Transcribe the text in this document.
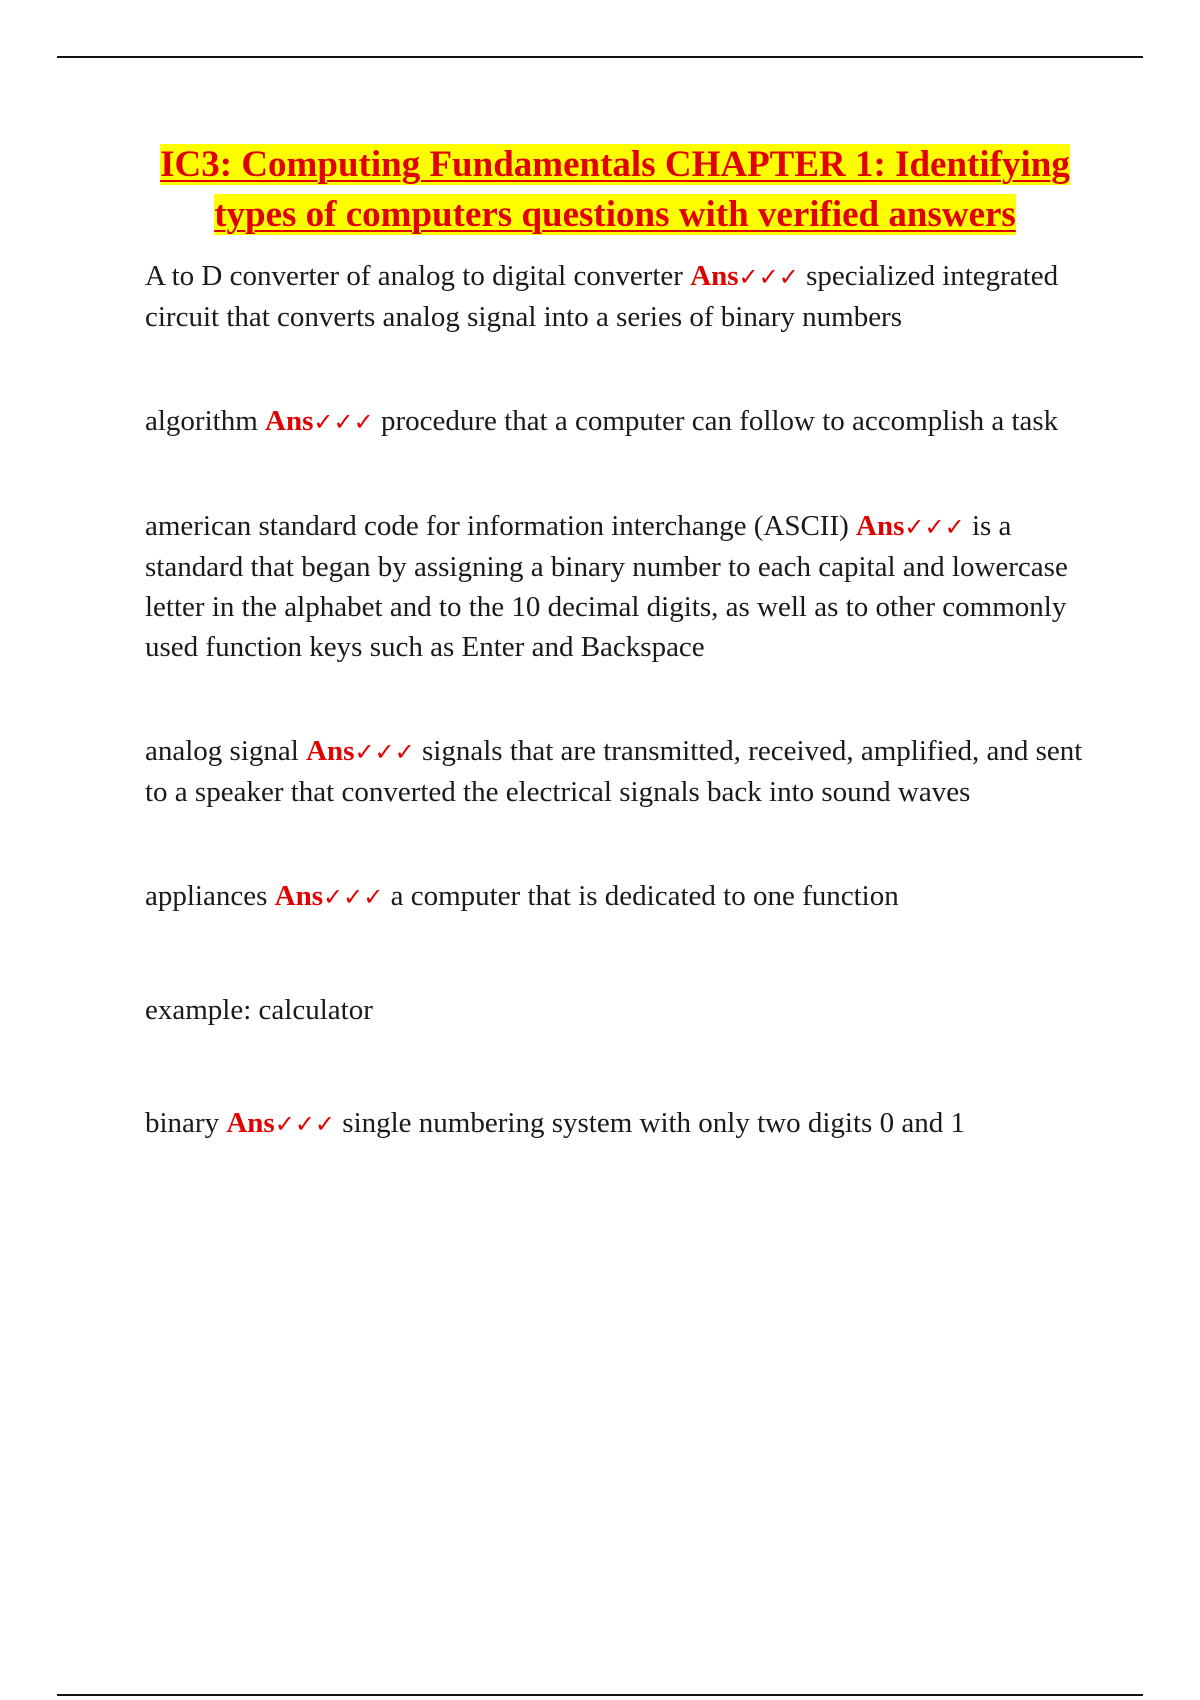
IC3: Computing Fundamentals CHAPTER 1: Identifying types of computers questions with verified answers

A to D converter of analog to digital converter Ans✓✓✓ specialized integrated circuit that converts analog signal into a series of binary numbers

algorithm Ans✓✓✓ procedure that a computer can follow to accomplish a task

american standard code for information interchange (ASCII) Ans✓✓✓ is a standard that began by assigning a binary number to each capital and lowercase letter in the alphabet and to the 10 decimal digits, as well as to other commonly used function keys such as Enter and Backspace

analog signal Ans✓✓✓ signals that are transmitted, received, amplified, and sent to a speaker that converted the electrical signals back into sound waves

appliances Ans✓✓✓ a computer that is dedicated to one function

example: calculator

binary Ans✓✓✓ single numbering system with only two digits 0 and 1
